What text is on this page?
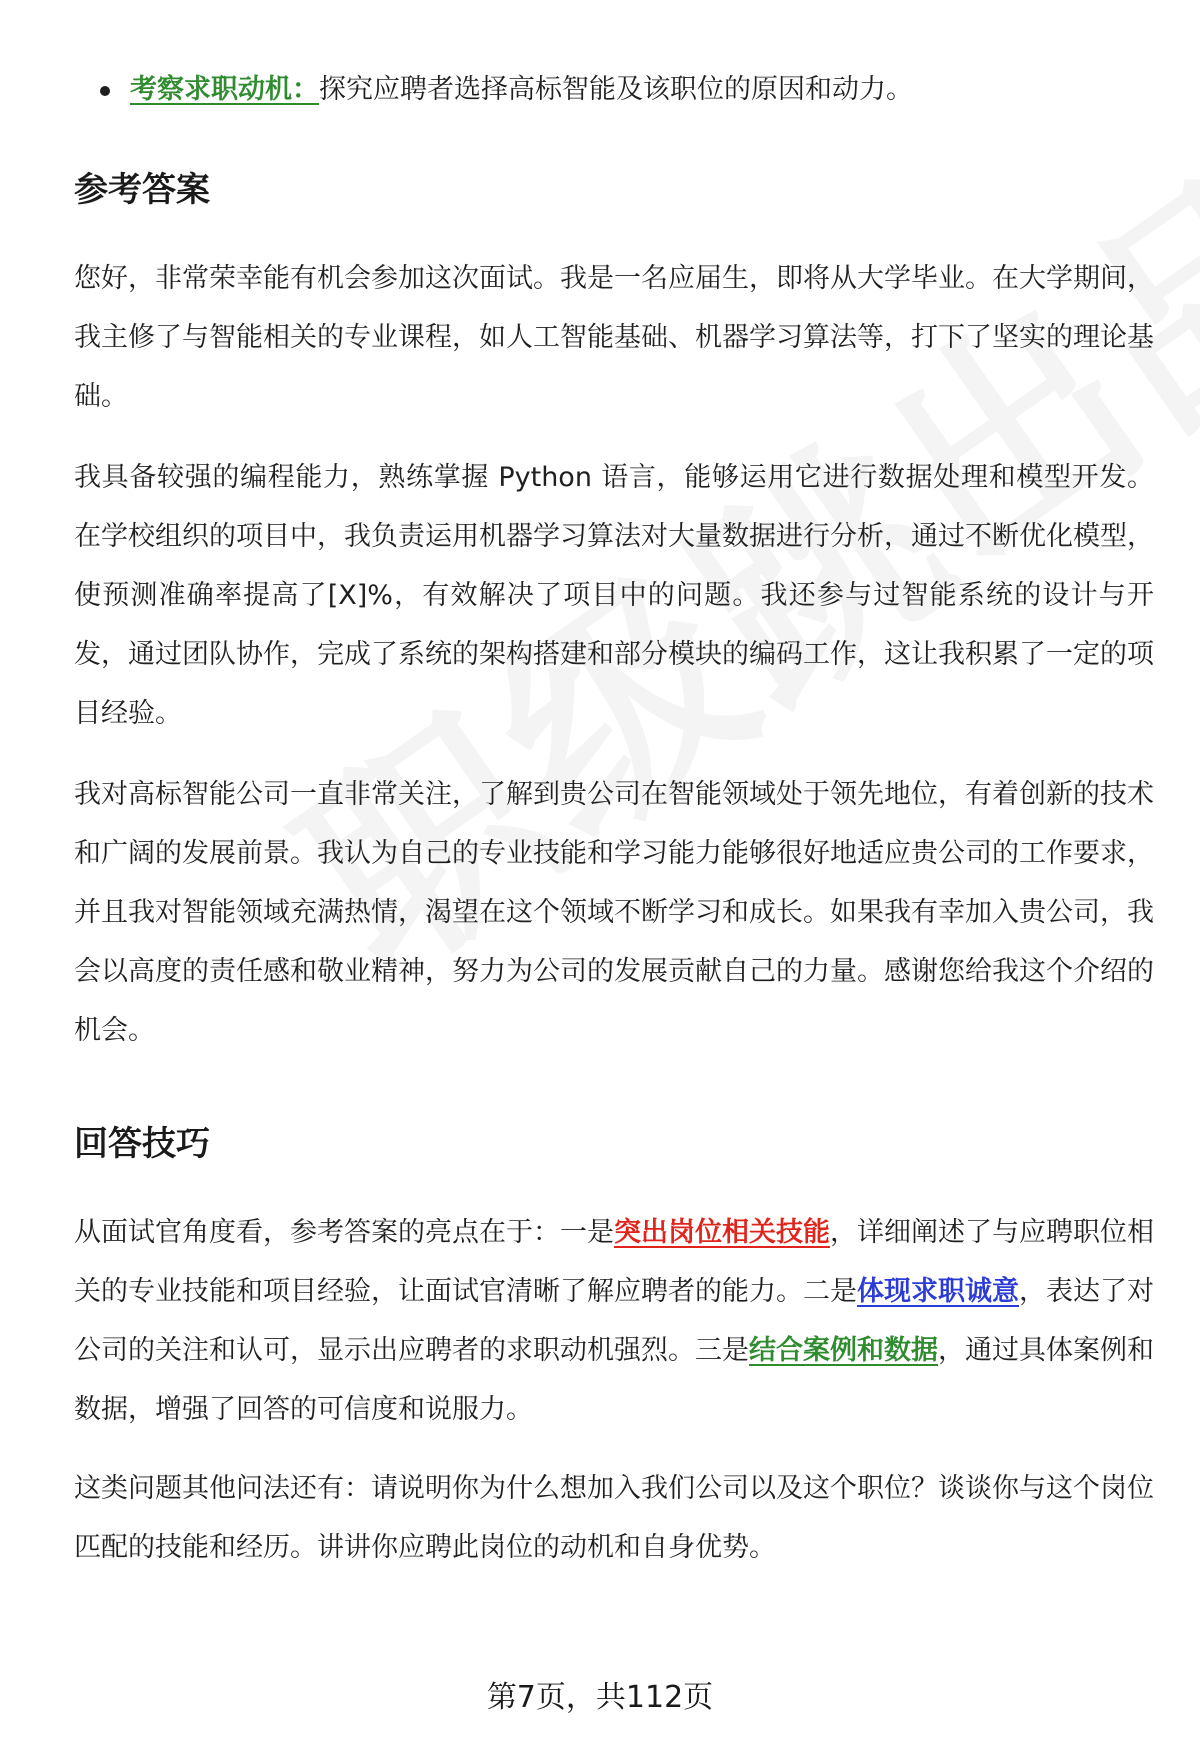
考察求职动机：探究应聘者选择高标智能及该职位的原因和动力。
参考答案

您好，非常荣幸能有机会参加这次面试。我是一名应届生，即将从大学毕业。在大学期间，我主修了与智能相关的专业课程，如人工智能基础、机器学习算法等，打下了坚实的理论基础。

我具备较强的编程能力，熟练掌握 Python 语言，能够运用它进行数据处理和模型开发。在学校组织的项目中，我负责运用机器学习算法对大量数据进行分析，通过不断优化模型，使预测准确率提高了[X]%，有效解决了项目中的问题。我还参与过智能系统的设计与开发，通过团队协作，完成了系统的架构搭建和部分模块的编码工作，这让我积累了一定的项目经验。

我对高标智能公司一直非常关注，了解到贵公司在智能领域处于领先地位，有着创新的技术和广阔的发展前景。我认为自己的专业技能和学习能力能够很好地适应贵公司的工作要求，并且我对智能领域充满热情，渴望在这个领域不断学习和成长。如果我有幸加入贵公司，我会以高度的责任感和敬业精神，努力为公司的发展贡献自己的力量。感谢您给我这个介绍的机会。

回答技巧

从面试官角度看，参考答案的亮点在于：一是突出岗位相关技能，详细阐述了与应聘职位相关的专业技能和项目经验，让面试官清晰了解应聘者的能力。二是体现求职诚意，表达了对公司的关注和认可，显示出应聘者的求职动机强烈。三是结合案例和数据，通过具体案例和数据，增强了回答的可信度和说服力。

这类问题其他问法还有：请说明你为什么想加入我们公司以及这个职位？谈谈你与这个岗位匹配的技能和经历。讲讲你应聘此岗位的动机和自身优势。

第7页，共112页
